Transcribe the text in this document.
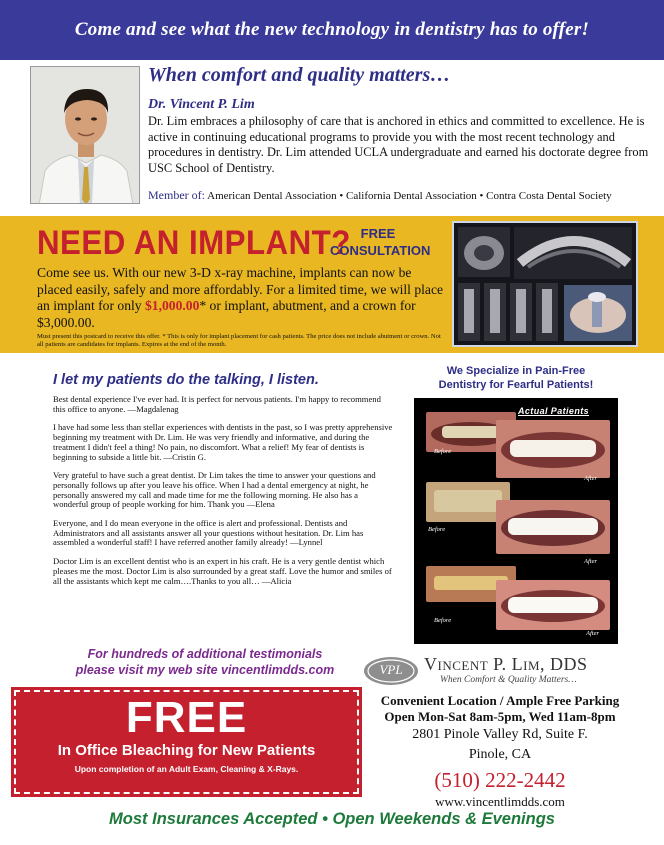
Come and see what the new technology in dentistry has to offer!
When comfort and quality matters…
Dr. Vincent P. Lim
Dr. Lim embraces a philosophy of care that is anchored in ethics and committed to excellence. He is active in continuing educational programs to provide you with the most recent technology and procedures in dentistry. Dr. Lim attended UCLA undergraduate and earned his doctorate degree from USC School of Dentistry.
Member of: American Dental Association • California Dental Association • Contra Costa Dental Society
NEED AN IMPLANT? FREE
CONSULTATION
Come see us. With our new 3-D x-ray machine, implants can now be placed easily, safely and more affordably. For a limited time, we will place an implant for only $1,000.00* or implant, abutment, and a crown for $3,000.00.
Must present this postcard to receive this offer. * This is only for implant placement for cash patients. The price does not include abutment or crown. Not all patients are candidates for implants. Expires at the end of the month.
I let my patients do the talking, I listen.

Best dental experience I've ever had. It is perfect for nervous patients. I'm happy to recommend this office to anyone. —Magdalenag

I have had some less than stellar experiences with dentists in the past, so I was pretty apprehensive beginning my treatment with Dr. Lim. He was very friendly and informative, and during the treatment I didn't feel a thing! No pain, no discomfort. What a relief! My fear of dentists is beginning to subside a little bit. —Cristin G.

Very grateful to have such a great dentist. Dr Lim takes the time to answer your questions and personally follows up after you leave his office. When I had a dental emergency at night, he personally answered my call and made time for me the following morning. He also has a wonderful group of people working for him. Thank you —Elena

Everyone, and I do mean everyone in the office is alert and professional. Dentists and Administrators and all assistants answer all your questions without hesitation. Dr. Lim has assembled a wonderful staff! I have referred another family already! —Lynnel

Doctor Lim is an excellent dentist who is an expert in his craft. He is a very gentle dentist which pleases me the most. Doctor Lim is also surrounded by a great staff. Love the humor and smiles of all the assistants which kept me calm….Thanks to you all… —Alicia

We Specialize in Pain-Free
Dentistry for Fearful Patients!
Actual Patients
Before
After
Before
After
Before
After
For hundreds of additional testimonials
please visit my web site vincentlimdds.com
FREE
In Office Bleaching for New Patients
Upon completion of an Adult Exam, Cleaning & X-Rays.
VPL	Vincent P. Lim, DDS
When Comfort & Quality Matters…
Convenient Location / Ample Free Parking
Open Mon-Sat 8am-5pm, Wed 11am-8pm
2801 Pinole Valley Rd, Suite F.
Pinole, CA
(510) 222-2442
www.vincentlimdds.com
Most Insurances Accepted • Open Weekends & Evenings
